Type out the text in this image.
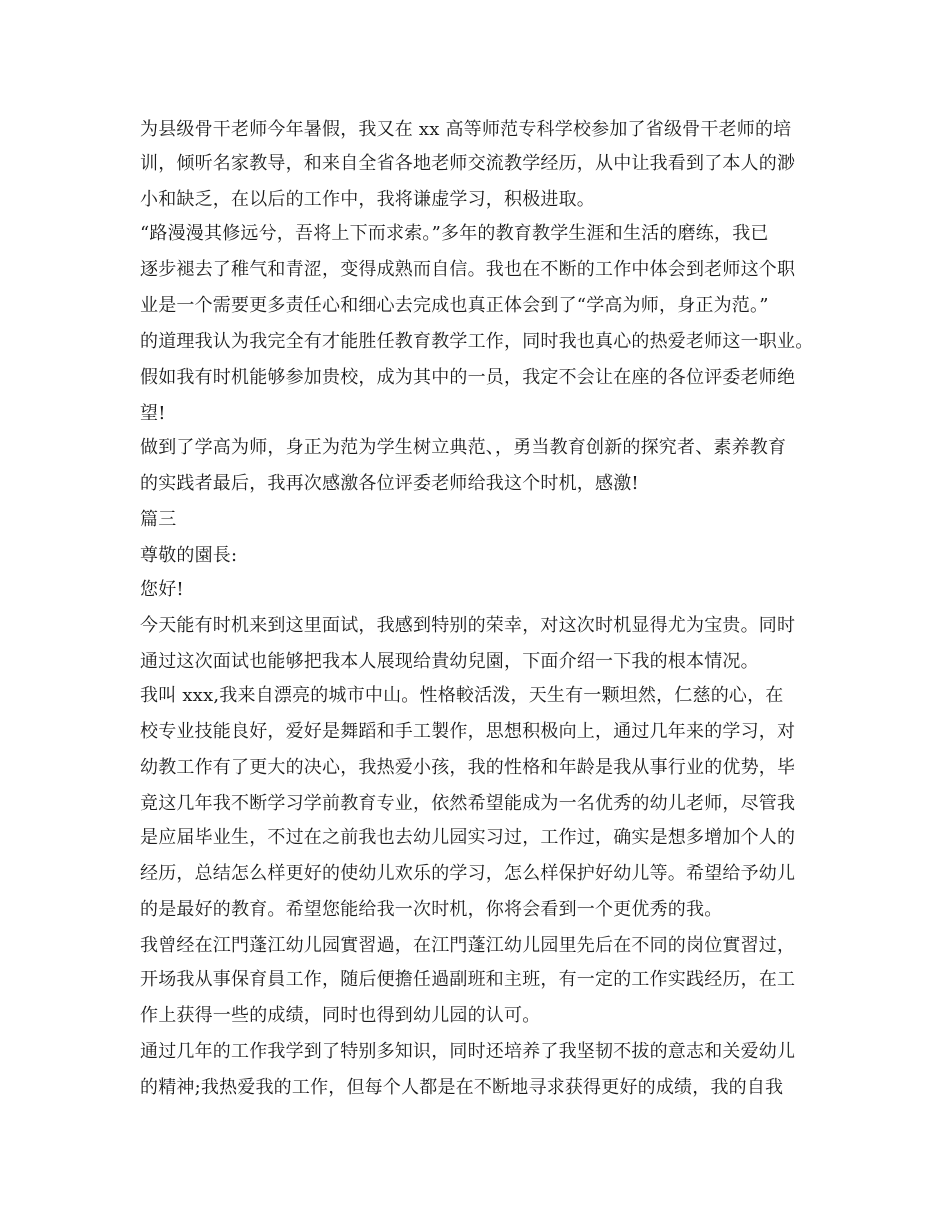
为县级骨干老师今年暑假，我又在 xx 高等师范专科学校参加了省级骨干老师的培
训，倾听名家教导，和来自全省各地老师交流教学经历，从中让我看到了本人的渺
小和缺乏，在以后的工作中，我将谦虚学习，积极进取。
“路漫漫其修远兮，吾将上下而求索。”多年的教育教学生涯和生活的磨练，我已
逐步褪去了稚气和青涩，变得成熟而自信。我也在不断的工作中体会到老师这个职
业是一个需要更多责任心和细心去完成也真正体会到了“学高为师，身正为范。”
的道理我认为我完全有才能胜任教育教学工作，同时我也真心的热爱老师这一职业。
假如我有时机能够参加贵校，成为其中的一员，我定不会让在座的各位评委老师绝
望!
做到了学高为师，身正为范为学生树立典范、，勇当教育创新的探究者、素养教育
的实践者最后，我再次感激各位评委老师给我这个时机，感激!
篇三
尊敬的園長:
您好!
今天能有时机来到这里面试，我感到特别的荣幸，对这次时机显得尤为宝贵。同时
通过这次面试也能够把我本人展现给貴幼兒園，下面介绍一下我的根本情况。
我叫 xxx,我来自漂亮的城市中山。性格較活泼，天生有一颗坦然，仁慈的心，在
校专业技能良好，爱好是舞蹈和手工製作，思想积极向上，通过几年来的学习，对
幼教工作有了更大的决心，我热爱小孩，我的性格和年龄是我从事行业的优势，毕
竟这几年我不断学习学前教育专业，依然希望能成为一名优秀的幼儿老师，尽管我
是应届毕业生，不过在之前我也去幼儿园实习过，工作过，确实是想多增加个人的
经历，总结怎么样更好的使幼儿欢乐的学习，怎么样保护好幼儿等。希望给予幼儿
的是最好的教育。希望您能给我一次时机，你将会看到一个更优秀的我。
我曾经在江門蓬江幼儿园實習過，在江門蓬江幼儿园里先后在不同的岗位實習过，
开场我从事保育員工作，随后便擔任過副班和主班，有一定的工作实践经历，在工
作上获得一些的成绩，同时也得到幼儿园的认可。
通过几年的工作我学到了特别多知识，同时还培养了我坚韧不拔的意志和关爱幼儿
的精神;我热爱我的工作，但每个人都是在不断地寻求获得更好的成绩，我的自我
